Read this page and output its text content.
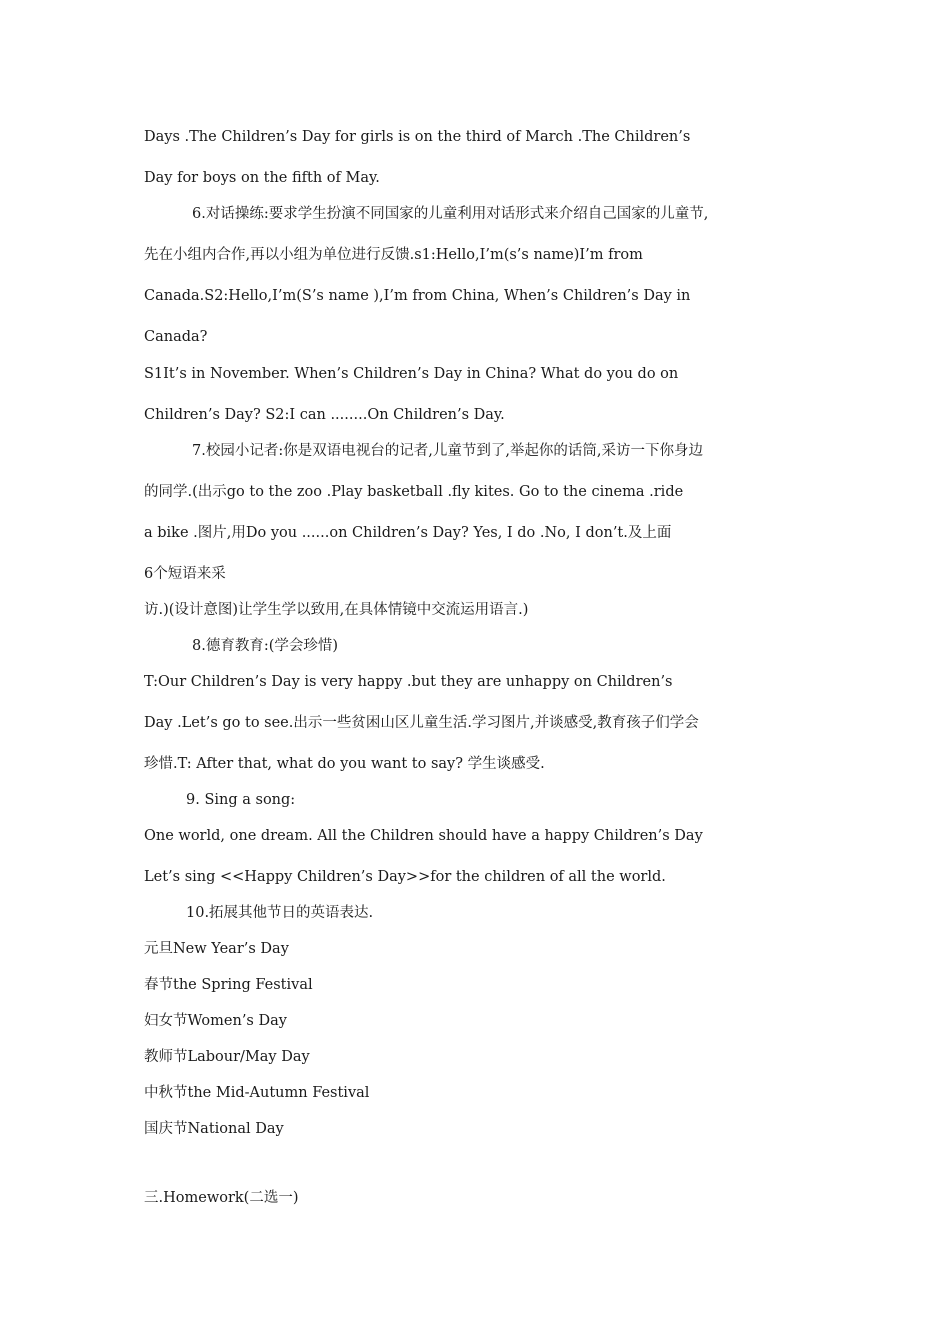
Days .The Children’s Day for girls is on the third of March .The Children’s

Day for boys on the fifth of May.

6.对话操练:要求学生扮演不同国家的儿童利用对话形式来介绍自己国家的儿童节,

先在小组内合作,再以小组为单位进行反馈.s1:Hello,I’m(s’s name)I’m from

Canada.S2:Hello,I’m(S’s name ),I’m from China, When’s Children’s Day in

Canada?

S1It’s in November. When’s Children’s Day in China? What do you do on

Children’s Day? S2:I can ........On Children’s Day.

7.校园小记者:你是双语电视台的记者,儿童节到了,举起你的话筒,采访一下你身边

的同学.(出示go to the zoo .Play basketball .fly kites. Go to the cinema .ride

a bike .图片,用Do you ......on Children’s Day? Yes, I do .No, I don’t.及上面

6个短语来采

访.)(设计意图)让学生学以致用,在具体情镜中交流运用语言.)

8.德育教育:(学会珍惜)

T:Our Children’s Day is very happy .but they are unhappy on Children’s

Day .Let’s go to see.出示一些贫困山区儿童生活.学习图片,并谈感受,教育孩子们学会

珍惜.T: After that, what do you want to say? 学生谈感受.

9. Sing a song:

One world, one dream. All the Children should have a happy Children’s Day

Let’s sing <<Happy Children’s Day>>for the children of all the world.

10.拓展其他节日的英语表达.

元旦New Year’s Day

春节the Spring Festival

妇女节Women’s Day

教师节Labour/May Day

中秋节the Mid-Autumn Festival

国庆节National Day

三.Homework(二选一)
